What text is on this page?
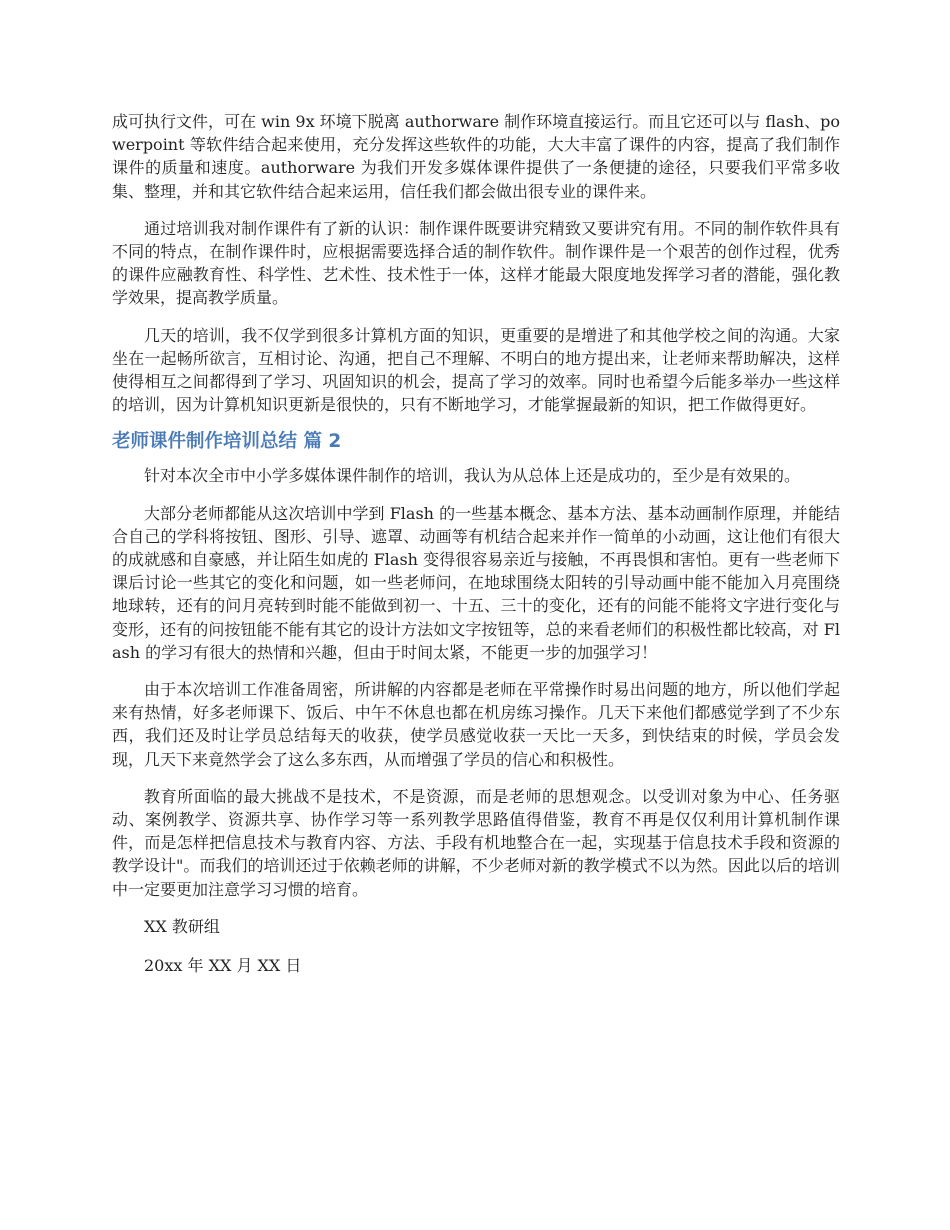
成可执行文件，可在 win 9x 环境下脱离 authorware 制作环境直接运行。而且它还可以与 flash、powerpoint 等软件结合起来使用，充分发挥这些软件的功能，大大丰富了课件的内容，提高了我们制作课件的质量和速度。authorware 为我们开发多媒体课件提供了一条便捷的途径，只要我们平常多收集、整理，并和其它软件结合起来运用，信任我们都会做出很专业的课件来。

通过培训我对制作课件有了新的认识：制作课件既要讲究精致又要讲究有用。不同的制作软件具有不同的特点，在制作课件时，应根据需要选择合适的制作软件。制作课件是一个艰苦的创作过程，优秀的课件应融教育性、科学性、艺术性、技术性于一体，这样才能最大限度地发挥学习者的潜能，强化教学效果，提高教学质量。

几天的培训，我不仅学到很多计算机方面的知识，更重要的是增进了和其他学校之间的沟通。大家坐在一起畅所欲言，互相讨论、沟通，把自己不理解、不明白的地方提出来，让老师来帮助解决，这样使得相互之间都得到了学习、巩固知识的机会，提高了学习的效率。同时也希望今后能多举办一些这样的培训，因为计算机知识更新是很快的，只有不断地学习，才能掌握最新的知识，把工作做得更好。

老师课件制作培训总结 篇 2

针对本次全市中小学多媒体课件制作的培训，我认为从总体上还是成功的，至少是有效果的。

大部分老师都能从这次培训中学到 Flash 的一些基本概念、基本方法、基本动画制作原理，并能结合自己的学科将按钮、图形、引导、遮罩、动画等有机结合起来并作一简单的小动画，这让他们有很大的成就感和自豪感，并让陌生如虎的 Flash 变得很容易亲近与接触，不再畏惧和害怕。更有一些老师下课后讨论一些其它的变化和问题，如一些老师问，在地球围绕太阳转的引导动画中能不能加入月亮围绕地球转，还有的问月亮转到时能不能做到初一、十五、三十的变化，还有的问能不能将文字进行变化与变形，还有的问按钮能不能有其它的设计方法如文字按钮等，总的来看老师们的积极性都比较高，对 Flash 的学习有很大的热情和兴趣，但由于时间太紧，不能更一步的加强学习！

由于本次培训工作准备周密，所讲解的内容都是老师在平常操作时易出问题的地方，所以他们学起来有热情，好多老师课下、饭后、中午不休息也都在机房练习操作。几天下来他们都感觉学到了不少东西，我们还及时让学员总结每天的收获，使学员感觉收获一天比一天多，到快结束的时候，学员会发现，几天下来竟然学会了这么多东西，从而增强了学员的信心和积极性。

教育所面临的最大挑战不是技术，不是资源，而是老师的思想观念。以受训对象为中心、任务驱动、案例教学、资源共享、协作学习等一系列教学思路值得借鉴，教育不再是仅仅利用计算机制作课件，而是怎样把信息技术与教育内容、方法、手段有机地整合在一起，实现基于信息技术手段和资源的教学设计"。而我们的培训还过于依赖老师的讲解，不少老师对新的教学模式不以为然。因此以后的培训中一定要更加注意学习习惯的培育。

XX 教研组

20xx 年 XX 月 XX 日
